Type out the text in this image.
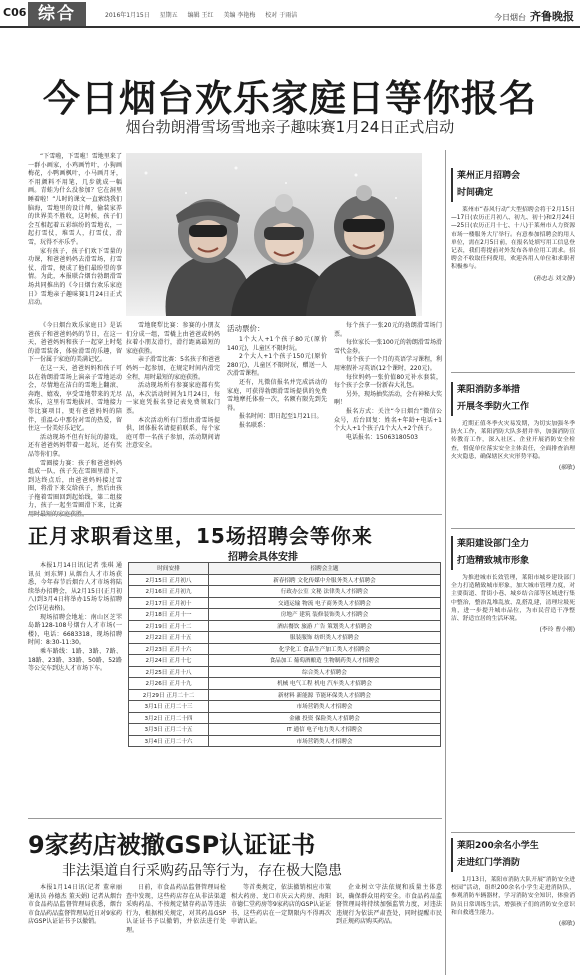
C06 综合	2016年1月15日 星期五 编辑 王红 美编 李艳梅 校对 于雨洁	今日烟台 齐鲁晚报
今日烟台欢乐家庭日等你报名
烟台勃朗滑雪场雪地亲子趣味赛1月24日正式启动

“下雪啦，下雪啦！雪地里来了一群小画家，小鸡画竹叶，小狗画梅花，小鸭画枫叶，小马画月牙，不用颜料不用笔，几步就成一幅画。青蛙为什么没参加？它在洞里睡着啦！”儿时的课文一直萦绕我们脑海，雪地里的设计师，偷装家养的世界美不胜收，这时候，孩子们会互相起着五彩缤纷的雪地衣，一起打雪仗，堆雪人，打雪仗，滑雪，玩得不亦乐乎。

家有孩子，孩子们欢下雪量的功课，和爸爸妈妈去滑雪场，打雪仗、滑雪，便成了他们最盼望的事情。为此，本报联合烟台勃朗滑雪场共同推出的《今日烟台欢乐家庭日》雪地亲子趣味赛1月24日正式启动。

《今日烟台欢乐家庭日》是话爸孩子和爸爸妈妈的节日，在这一天，爸爸妈妈和孩子一起穿上时髦的滑雪装备，体验滑雪的乐趣，留下一份属于家庭的美满记忆。

在这一天，爸爸妈妈和孩子可以在勃朗滑雪场上演亲子雪地运动会，尽情地在洁白的雪地上翻滚、奔跑、嬉戏，享受雪地带来的无尽欢乐，这里有雪地拔河、雪地接力等比赛项目，更有爸爸妈妈的陪伴，重温心中那份对雪的热爱，留住这一份美好乐记忆。

活动现场不但有好玩的游戏，还有爸爸妈妈带着一起玩，还有奖品等你们拿。

雪圈接力赛：孩子和爸爸妈妈组成一队，孩子先在雪圈里滑下，到达终点后，由爸爸妈妈接过雪圈，将滑下来交给孩子，然后由孩子拖着雪圈回到起始线，第二组接力，孩子一起坐雪圈滑下来，比赛

雪地爬犁比赛：参赛的小朋友们分成一组，雪橇上由爸爸或妈妈拉着小朋友滑行，滑行距离最短的家庭获胜。

亲子滑雪比赛：5名孩子和爸爸妈妈一起参加，在规定时间内滑完全程，用时最短的家庭获胜。

活动现场所有参赛家庭都有奖品，本次活动时间为1月24日，每一家庭凭报名登记表免费领取门票。

本次活动所有门票由滑雪场提供，团体报名请提前联系，每个家庭可带一名孩子参加，活动期间请注意安全。

活动票价：

1个大人+1个孩子80元(原价140元)，儿童区不限时玩。

2个大人+1个孩子150元(原价280元)，儿童区不限时玩，赠送一人次滑雪课程。

还有，凡微信报名并完成活动的家庭，可获得勃朗滑雪场提供的免费雪地摩托体验一次，名额有限先到先得。

报名时间：即日起至1月21日。

报名联系：

每个孩子一张20元的勃朗滑雪场门票。

每位家长一张100元的勃朗滑雪场滑雪代金券。

每个孩子一个月的英语学习课程，利用寒假补习英语(12个课时，220元)。

每位妈妈一张价值80元补水套装，每个孩子会拿一份新春大礼包。

另外，现场抽奖活动，会有神秘大奖啊！

报名方式：关注“今日烟台”微信公众号，后台回复：姓名+年龄+电话+1个大人+1个孩子/1个大人+2个孩子。

电话报名：15063180503

正月求职看这里，15场招聘会等你来
招聘会具体安排

本报1月14日讯(记者 张琪 通讯员 刘东辉) 从烟台人才市场获悉，今年春节后烟台人才市场将陆续举办招聘会，从2月15日(正月初八)到3月4日将举办15场专场招聘会(详见表格)。

现场招聘会地址：南山区芝罘岛路128-108号烟台人才市场(一楼)，电话：6683318，现场招聘时间：8:30-11:30。

乘车路线：1路、3路、7路、18路、23路、33路、50路、52路等公交车到达人才市场下车。

时间安排	招聘会主题
2月15日 正月初八	新春招聘 文化传媒中介服务类人才招聘会
2月16日 正月初九	行政办公室 文秘 法律类人才招聘会
2月17日 正月初十	交通运输 物流 电子商务类人才招聘会
2月18日 正月十一	房地产 建筑 装修装饰类人才招聘会
2月19日 正月十二	酒店餐饮 旅游 广告 策划类人才招聘会
2月22日 正月十五	服装服饰 纺织类人才招聘会
2月23日 正月十六	化学化工 食品生产加工类人才招聘会
2月24日 正月十七	食品加工 葡萄酒酿造 生物制药类人才招聘会
2月25日 正月十八	综合类人才招聘会
2月26日 正月十九	机械 电气工程 机电 汽车类人才招聘会
2月29日 正月二十二	新材料 新能源 节能环保类人才招聘会
3月1日 正月二十三	市场营销类人才招聘会
3月2日 正月二十四	金融 投资 保险类人才招聘会
3月3日 正月二十五	IT 通信 电子电力类人才招聘会
3月4日 正月二十六	市场营销类人才招聘会
9家药店被撤GSP认证证书
非法渠道自行采购药品等行为，存在极大隐患

本报1月14日讯(记者 董章丽 通讯员 孙德杰 董天娟) 记者从烟台市食品药品监督管理局获悉，烟台市食品药品监督管理局近日对9家药店GSP认证证书予以撤销。

日前，市食品药品监督管理局检查中发现，这些药店存在从非法渠道采购药品、不按规定储存药品等违法行为，根据相关规定，对其药品GSP认证证书予以撤销，并依法进行处理。

等首类规定，依法撤销相应市策相大药房、龙口市庆云大药房、海阳市德仁堂药房等9家药店的GSP认证证书，这些药店在一定期限内不得再次申请认证。

企业树立守法依规和质量主体意识，确保群众用药安全。市食品药品监督管理局将持续加强监管力度，对违法违规行为依法严肃查处，同时提醒市民到正规药店购买药品。

莱州正月招聘会
时间确定
莱州市“春风行动”大型招聘会将于2月15日—17日(农历正月初八、初九、初十)和2月24日—25日(农历正月十七、十八)于莱州市人力资源市场一楼服务大厅举行。有意参加招聘会的用人单位，需在2月5日前，在报名处填写用工信息登记表，我们将提前对外发布各单位用工需求。招聘会不收取任何费用，欢迎各用人单位和求职者积极参与。
(孙忠志 刘文静)
莱阳消防多举措
开展冬季防火工作
近期正值冬季火灾易发期，为切实加强冬季防火工作，莱阳消防大队多措并举，加强消防宣传教育工作，深入社区、企业开展消防安全检查，督促单位落实安全主体责任，全面排查治理火灾隐患，确保辖区火灾形势平稳。
(郝敏)
莱阳建设部门全力
打造精致城市形象
为推进城市长效管理，莱阳市城乡建设部门全力打造精致城市形象，加大城市管理力度，对主要街道、背街小巷、城乡结合部等区域进行集中整治，整治乱堆乱放、乱搭乱建，清理垃圾死角，进一步提升城市品位，为市民营造干净整洁、舒适宜居的生活环境。
(李玲 曹小刚)
莱阳200余名小学生
走进红门学消防
1月13日，莱阳市消防大队开展“消防安全进校园”活动，组织200余名小学生走进消防队，参观消防车辆器材，学习消防安全知识，体验消防员日常训练生活，增强孩子们的消防安全意识和自救逃生能力。
(郝敏)
